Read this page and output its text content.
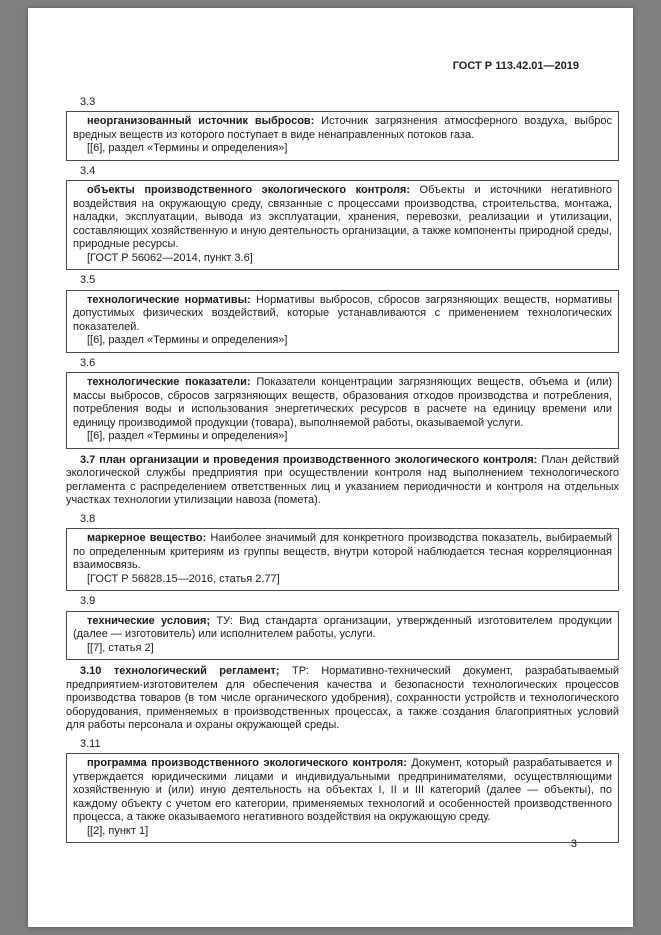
ГОСТ Р 113.42.01—2019

3.3

неорганизованный источник выбросов: Источник загрязнения атмосферного воздуха, выброс вредных веществ из которого поступает в виде ненаправленных потоков газа.

[[6], раздел «Термины и определения»]

3.4

объекты производственного экологического контроля: Объекты и источники негативного воздействия на окружающую среду, связанные с процессами производства, строительства, монтажа, наладки, эксплуатации, вывода из эксплуатации, хранения, перевозки, реализации и утилизации, составляющих хозяйственную и иную деятельность организации, а также компоненты природной среды, природные ресурсы.

[ГОСТ Р 56062—2014, пункт 3.6]

3.5

технологические нормативы: Нормативы выбросов, сбросов загрязняющих веществ, нормативы допустимых физических воздействий, которые устанавливаются с применением технологических показателей.

[[6], раздел «Термины и определения»]

3.6

технологические показатели: Показатели концентрации загрязняющих веществ, объема и (или) массы выбросов, сбросов загрязняющих веществ, образования отходов производства и потребления, потребления воды и использования энергетических ресурсов в расчете на единицу времени или единицу производимой продукции (товара), выполняемой работы, оказываемой услуги.

[[6], раздел «Термины и определения»]

3.7 план организации и проведения производственного экологического контроля: План действий экологической службы предприятия при осуществлении контроля над выполнением технологического регламента с распределением ответственных лиц и указанием периодичности и контроля на отдельных участках технологии утилизации навоза (помета).

3.8

маркерное вещество: Наиболее значимый для конкретного производства показатель, выбираемый по определенным критериям из группы веществ, внутри которой наблюдается тесная корреляционная взаимосвязь.

[ГОСТ Р 56828.15—2016, статья 2.77]

3.9

технические условия; ТУ: Вид стандарта организации, утвержденный изготовителем продукции (далее — изготовитель) или исполнителем работы, услуги.

[[7], статья 2]

3.10 технологический регламент; ТР: Нормативно-технический документ, разрабатываемый предприятием-изготовителем для обеспечения качества и безопасности технологических процессов производства товаров (в том числе органического удобрения), сохранности устройств и технологического оборудования, применяемых в производственных процессах, а также создания благоприятных условий для работы персонала и охраны окружающей среды.

3.11

программа производственного экологического контроля: Документ, который разрабатывается и утверждается юридическими лицами и индивидуальными предпринимателями, осуществляющими хозяйственную и (или) иную деятельность на объектах I, II и III категорий (далее — объекты), по каждому объекту с учетом его категории, применяемых технологий и особенностей производственного процесса, а также оказываемого негативного воздействия на окружающую среду.

[[2], пункт 1]

3
